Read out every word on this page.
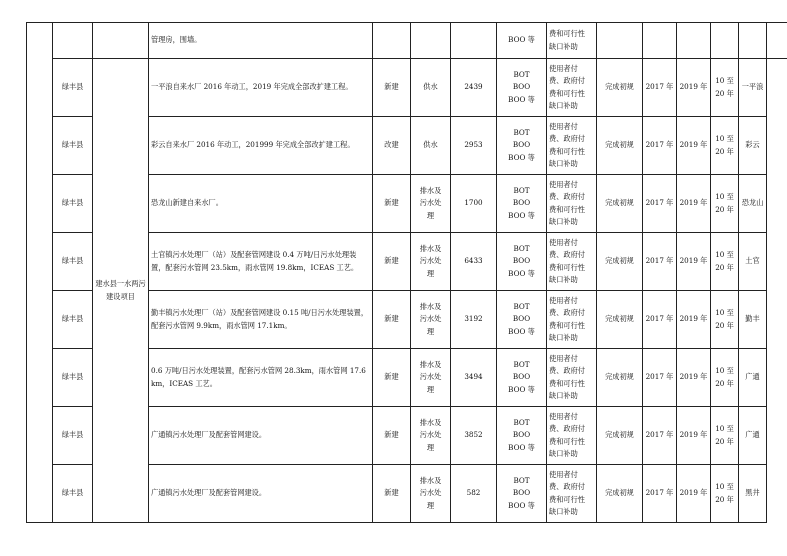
			管理房，围墙。				BOO 等	费和可行性
缺口补助						
	绿丰县	建水县一水两污建设项目	一平浪自来水厂 2016 年动工，2019 年完成全部改扩建工程。	新建	供水	2439	BOT
BOO
BOO 等	使用者付
费、政府付
费和可行性
缺口补助	完成初规	2017 年	2019 年	10 至
20 年	一平浪	
	绿丰县		彩云自来水厂 2016 年动工，201999 年完成全部改扩建工程。	改建	供水	2953	BOT
BOO
BOO 等	使用者付
费、政府付
费和可行性
缺口补助	完成初规	2017 年	2019 年	10 至
20 年	彩云	
	绿丰县		恐龙山新建自来水厂。	新建	排水及
污水处
理	1700	BOT
BOO
BOO 等	使用者付
费、政府付
费和可行性
缺口补助	完成初规	2017 年	2019 年	10 至
20 年	恐龙山	
	绿丰县		土官镇污水处理厂（站）及配套管网建设 0.4 万吨/日污水处理装置，配套污水管网 23.5km，雨水管网 19.8km，ICEAS 工艺。	新建	排水及
污水处
理	6433	BOT
BOO
BOO 等	使用者付
费、政府付
费和可行性
缺口补助	完成初规	2017 年	2019 年	10 至
20 年	土官	
	绿丰县		勤丰镇污水处理厂（站）及配套管网建设 0.15 吨/日污水处理装置，配套污水管网 9.9km，雨水管网 17.1km。	新建	排水及
污水处
理	3192	BOT
BOO
BOO 等	使用者付
费、政府付
费和可行性
缺口补助	完成初规	2017 年	2019 年	10 至
20 年	勤丰	
	绿丰县		0.6 万吨/日污水处理装置，配套污水管网 28.3km，雨水管网 17.6km，ICEAS 工艺。	新建	排水及
污水处
理	3494	BOT
BOO
BOO 等	使用者付
费、政府付
费和可行性
缺口补助	完成初规	2017 年	2019 年	10 至
20 年	广通	
	绿丰县		广通镇污水处理厂及配套管网建设。	新建	排水及
污水处
理	3852	BOT
BOO
BOO 等	使用者付
费、政府付
费和可行性
缺口补助	完成初规	2017 年	2019 年	10 至
20 年	广通	
	绿丰县		广通镇污水处理厂及配套管网建设。	新建	排水及
污水处
理	582	BOT
BOO
BOO 等	使用者付
费、政府付
费和可行性
缺口补助	完成初规	2017 年	2019 年	10 至
20 年	黑井	
